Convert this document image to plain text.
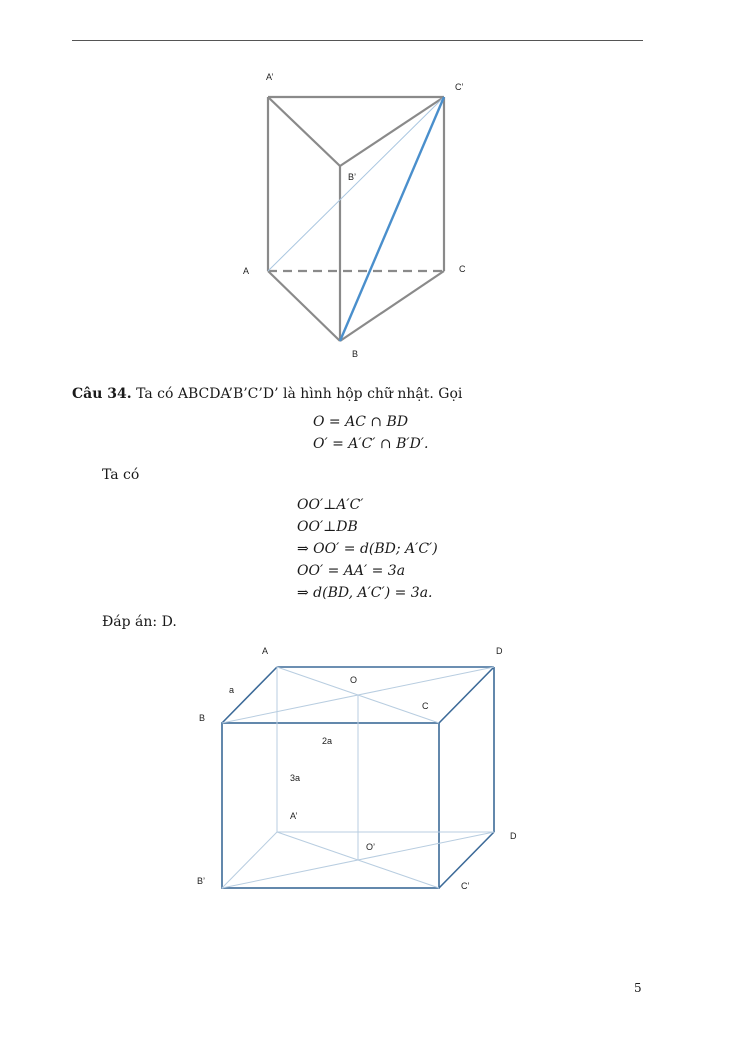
A’
C’
B’
A	C
B
A	D
O
a
C
B
2a
3a
A’
D
O’
B’	C’
Câu 34. Ta có ABCDA’B’C’D’ là hình hộp chữ nhật. Gọi
O = AC ∩ BD
O′ = A′C′ ∩ B′D′.
Ta có
OO′⊥A′C′
OO′⊥DB
⇒ OO′ = d(BD; A′C′)
OO′ = AA′ = 3a
⇒ d(BD, A′C′) = 3a.
Đáp án: D.
5
